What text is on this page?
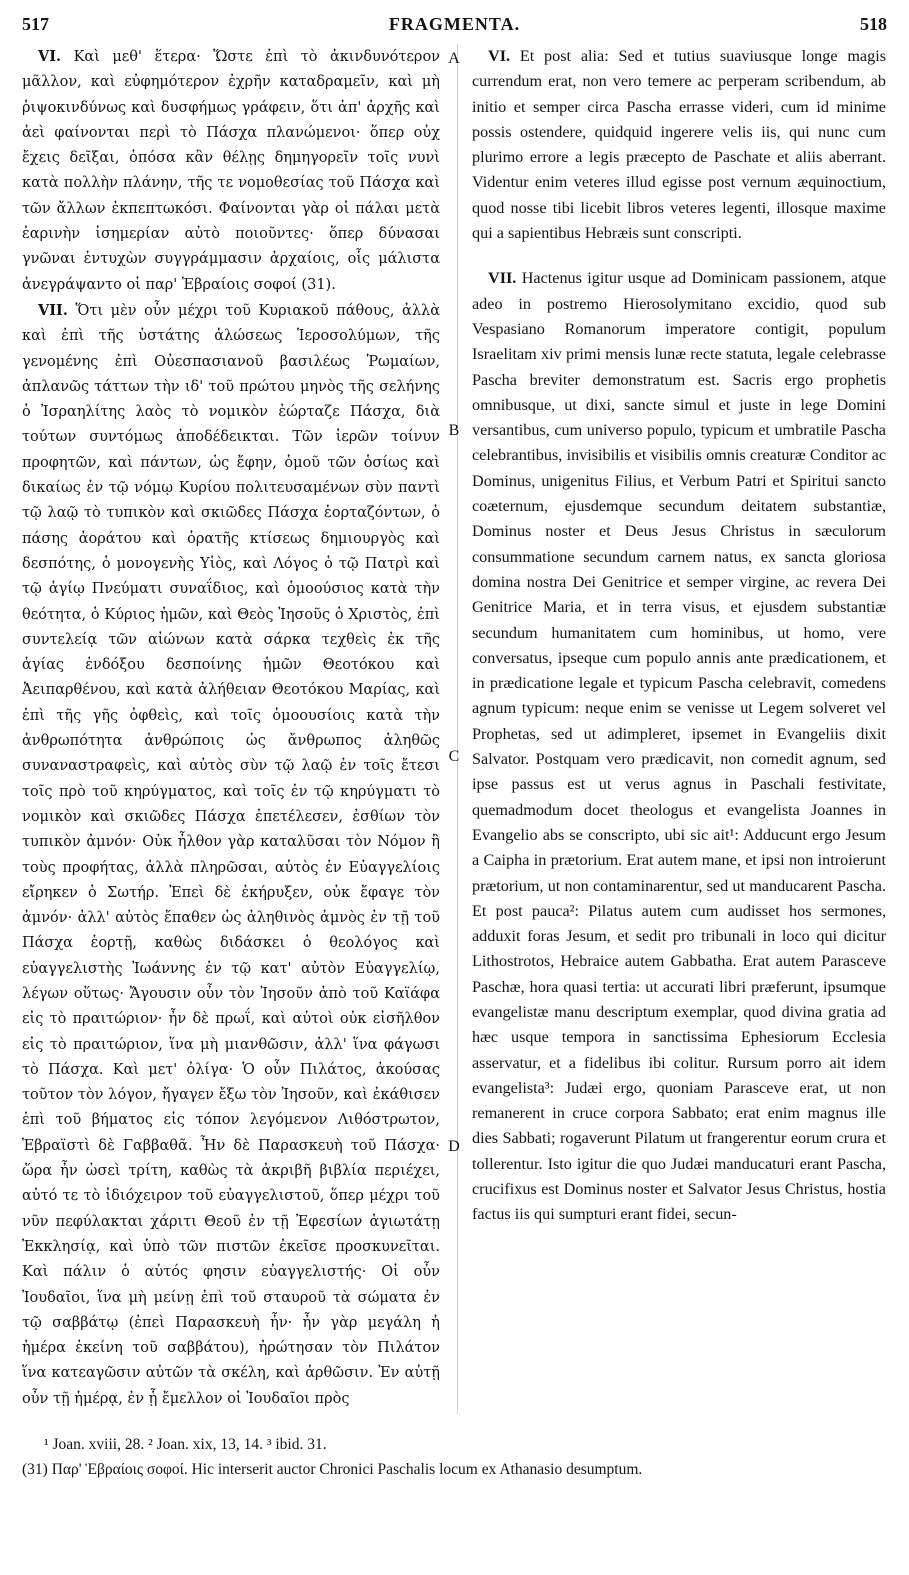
FRAGMENTA.
517	518
A
B
C
D

VI. Καὶ μεθ' ἕτερα· Ὥστε ἐπὶ τὸ ἀκινδυνότερον μᾶλλον, καὶ εὐφημότερον ἐχρῆν καταδραμεῖν, καὶ μὴ ῥιψοκινδύνως καὶ δυσφήμως γράφειν, ὅτι ἀπ' ἀρχῆς καὶ ἀεὶ φαίνονται περὶ τὸ Πάσχα πλανώμενοι· ὅπερ οὐχ ἔχεις δεῖξαι, ὁπόσα κἂν θέλῃς δημηγορεῖν τοῖς νυνὶ κατὰ πολλὴν πλάνην, τῆς τε νομοθεσίας τοῦ Πάσχα καὶ τῶν ἄλλων ἐκπεπτωκόσι. Φαίνονται γὰρ οἱ πάλαι μετὰ ἐαρινὴν ἰσημερίαν αὐτὸ ποιοῦντες· ὅπερ δύνασαι γνῶναι ἐντυχὼν συγγράμμασιν ἀρχαίοις, οἷς μάλιστα ἀνεγράψαντο οἱ παρ' Ἑβραίοις σοφοί (31).

VII. Ὅτι μὲν οὖν μέχρι τοῦ Κυριακοῦ πάθους, ἀλλὰ καὶ ἐπὶ τῆς ὑστάτης ἁλώσεως Ἱεροσολύμων, τῆς γενομένης ἐπὶ Οὐεσπασιανοῦ βασιλέως Ῥωμαίων, ἀπλανῶς τάττων τὴν ιδ' τοῦ πρώτου μηνὸς τῆς σελήνης ὁ Ἰσραηλίτης λαὸς τὸ νομικὸν ἑώρταζε Πάσχα, διὰ τούτων συντόμως ἀποδέδεικται. Τῶν ἱερῶν τοίνυν προφητῶν, καὶ πάντων, ὡς ἔφην, ὁμοῦ τῶν ὁσίως καὶ δικαίως ἐν τῷ νόμῳ Κυρίου πολιτευσαμένων σὺν παντὶ τῷ λαῷ τὸ τυπικὸν καὶ σκιῶδες Πάσχα ἑορταζόντων, ὁ πάσης ἀοράτου καὶ ὁρατῆς κτίσεως δημιουργὸς καὶ δεσπότης, ὁ μονογενὴς Υἱὸς, καὶ Λόγος ὁ τῷ Πατρὶ καὶ τῷ ἁγίῳ Πνεύματι συναΐδιος, καὶ ὁμοούσιος κατὰ τὴν θεότητα, ὁ Κύριος ἡμῶν, καὶ Θεὸς Ἰησοῦς ὁ Χριστὸς, ἐπὶ συντελείᾳ τῶν αἰώνων κατὰ σάρκα τεχθεὶς ἐκ τῆς ἁγίας ἐνδόξου δεσποίνης ἡμῶν Θεοτόκου καὶ Ἀειπαρθένου, καὶ κατὰ ἀλήθειαν Θεοτόκου Μαρίας, καὶ ἐπὶ τῆς γῆς ὀφθεὶς, καὶ τοῖς ὁμοουσίοις κατὰ τὴν ἀνθρωπότητα ἀνθρώποις ὡς ἄνθρωπος ἀληθῶς συναναστραφεὶς, καὶ αὐτὸς σὺν τῷ λαῷ ἐν τοῖς ἔτεσι τοῖς πρὸ τοῦ κηρύγματος, καὶ τοῖς ἐν τῷ κηρύγματι τὸ νομικὸν καὶ σκιῶδες Πάσχα ἐπετέλεσεν, ἐσθίων τὸν τυπικὸν ἀμνόν· Οὐκ ἦλθον γὰρ καταλῦσαι τὸν Νόμον ἢ τοὺς προφήτας, ἀλλὰ πληρῶσαι, αὐτὸς ἐν Εὐαγγελίοις εἴρηκεν ὁ Σωτήρ. Ἐπεὶ δὲ ἐκήρυξεν, οὐκ ἔφαγε τὸν ἀμνόν· ἀλλ' αὐτὸς ἔπαθεν ὡς ἀληθινὸς ἀμνὸς ἐν τῇ τοῦ Πάσχα ἑορτῇ, καθὼς διδάσκει ὁ θεολόγος καὶ εὐαγγελιστὴς Ἰωάννης ἐν τῷ κατ' αὐτὸν Εὐαγγελίῳ, λέγων οὕτως· Ἄγουσιν οὖν τὸν Ἰησοῦν ἀπὸ τοῦ Καϊάφα εἰς τὸ πραιτώριον· ἦν δὲ πρωΐ, καὶ αὐτοὶ οὐκ εἰσῆλθον εἰς τὸ πραιτώριον, ἵνα μὴ μιανθῶσιν, ἀλλ' ἵνα φάγωσι τὸ Πάσχα. Καὶ μετ' ὀλίγα· Ὁ οὖν Πιλάτος, ἀκούσας τοῦτον τὸν λόγον, ἤγαγεν ἔξω τὸν Ἰησοῦν, καὶ ἐκάθισεν ἐπὶ τοῦ βήματος εἰς τόπον λεγόμενον Λιθόστρωτον, Ἑβραϊστὶ δὲ Γαββαθᾶ. Ἦν δὲ Παρασκευὴ τοῦ Πάσχα· ὥρα ἦν ὡσεὶ τρίτη, καθὼς τὰ ἀκριβῆ βιβλία περιέχει, αὐτό τε τὸ ἰδιόχειρον τοῦ εὐαγγελιστοῦ, ὅπερ μέχρι τοῦ νῦν πεφύλακται χάριτι Θεοῦ ἐν τῇ Ἐφεσίων ἁγιωτάτῃ Ἐκκλησίᾳ, καὶ ὑπὸ τῶν πιστῶν ἐκεῖσε προσκυνεῖται. Καὶ πάλιν ὁ αὐτός φησιν εὐαγγελιστής· Οἱ οὖν Ἰουδαῖοι, ἵνα μὴ μείνῃ ἐπὶ τοῦ σταυροῦ τὰ σώματα ἐν τῷ σαββάτῳ (ἐπεὶ Παρασκευὴ ἦν· ἦν γὰρ μεγάλη ἡ ἡμέρα ἐκείνη τοῦ σαββάτου), ἠρώτησαν τὸν Πιλάτον ἵνα κατεαγῶσιν αὐτῶν τὰ σκέλη, καὶ ἀρθῶσιν. Ἐν αὐτῇ οὖν τῇ ἡμέρᾳ, ἐν ᾗ ἔμελλον οἱ Ἰουδαῖοι πρὸς

VI. Et post alia: Sed et tutius suaviusque longe magis currendum erat, non vero temere ac perperam scribendum, ab initio et semper circa Pascha errasse videri, cum id minime possis ostendere, quidquid ingerere velis iis, qui nunc cum plurimo errore a legis præcepto de Paschate et aliis aberrant. Videntur enim veteres illud egisse post vernum æquinoctium, quod nosse tibi licebit libros veteres legenti, illosque maxime qui a sapientibus Hebræis sunt conscripti.

VII. Hactenus igitur usque ad Dominicam passionem, atque adeo in postremo Hierosolymitano excidio, quod sub Vespasiano Romanorum imperatore contigit, populum Israelitam xiv primi mensis lunæ recte statuta, legale celebrasse Pascha breviter demonstratum est. Sacris ergo prophetis omnibusque, ut dixi, sancte simul et juste in lege Domini versantibus, cum universo populo, typicum et umbratile Pascha celebrantibus, invisibilis et visibilis omnis creaturæ Conditor ac Dominus, unigenitus Filius, et Verbum Patri et Spiritui sancto coæternum, ejusdemque secundum deitatem substantiæ, Dominus noster et Deus Jesus Christus in sæculorum consummatione secundum carnem natus, ex sancta gloriosa domina nostra Dei Genitrice et semper virgine, ac revera Dei Genitrice Maria, et in terra visus, et ejusdem substantiæ secundum humanitatem cum hominibus, ut homo, vere conversatus, ipseque cum populo annis ante prædicationem, et in prædicatione legale et typicum Pascha celebravit, comedens agnum typicum: neque enim se venisse ut Legem solveret vel Prophetas, sed ut adimpleret, ipsemet in Evangeliis dixit Salvator. Postquam vero prædicavit, non comedit agnum, sed ipse passus est ut verus agnus in Paschali festivitate, quemadmodum docet theologus et evangelista Joannes in Evangelio abs se conscripto, ubi sic ait¹: Adducunt ergo Jesum a Caipha in prætorium. Erat autem mane, et ipsi non introierunt prætorium, ut non contaminarentur, sed ut manducarent Pascha. Et post pauca²: Pilatus autem cum audisset hos sermones, adduxit foras Jesum, et sedit pro tribunali in loco qui dicitur Lithostrotos, Hebraice autem Gabbatha. Erat autem Parasceve Paschæ, hora quasi tertia: ut accurati libri præferunt, ipsumque evangelistæ manu descriptum exemplar, quod divina gratia ad hæc usque tempora in sanctissima Ephesiorum Ecclesia asservatur, et a fidelibus ibi colitur. Rursum porro ait idem evangelista³: Judæi ergo, quoniam Parasceve erat, ut non remanerent in cruce corpora Sabbato; erat enim magnus ille dies Sabbati; rogaverunt Pilatum ut frangerentur eorum crura et tollerentur. Isto igitur die quo Judæi manducaturi erant Pascha, crucifixus est Dominus noster et Salvator Jesus Christus, hostia factus iis qui sumpturi erant fidei, secun-

¹ Joan. xviii, 28. ² Joan. xix, 13, 14. ³ ibid. 31.
(31) Παρ' Ἑβραίοις σοφοί. Hic interserit auctor Chronici Paschalis locum ex Athanasio desumptum.
